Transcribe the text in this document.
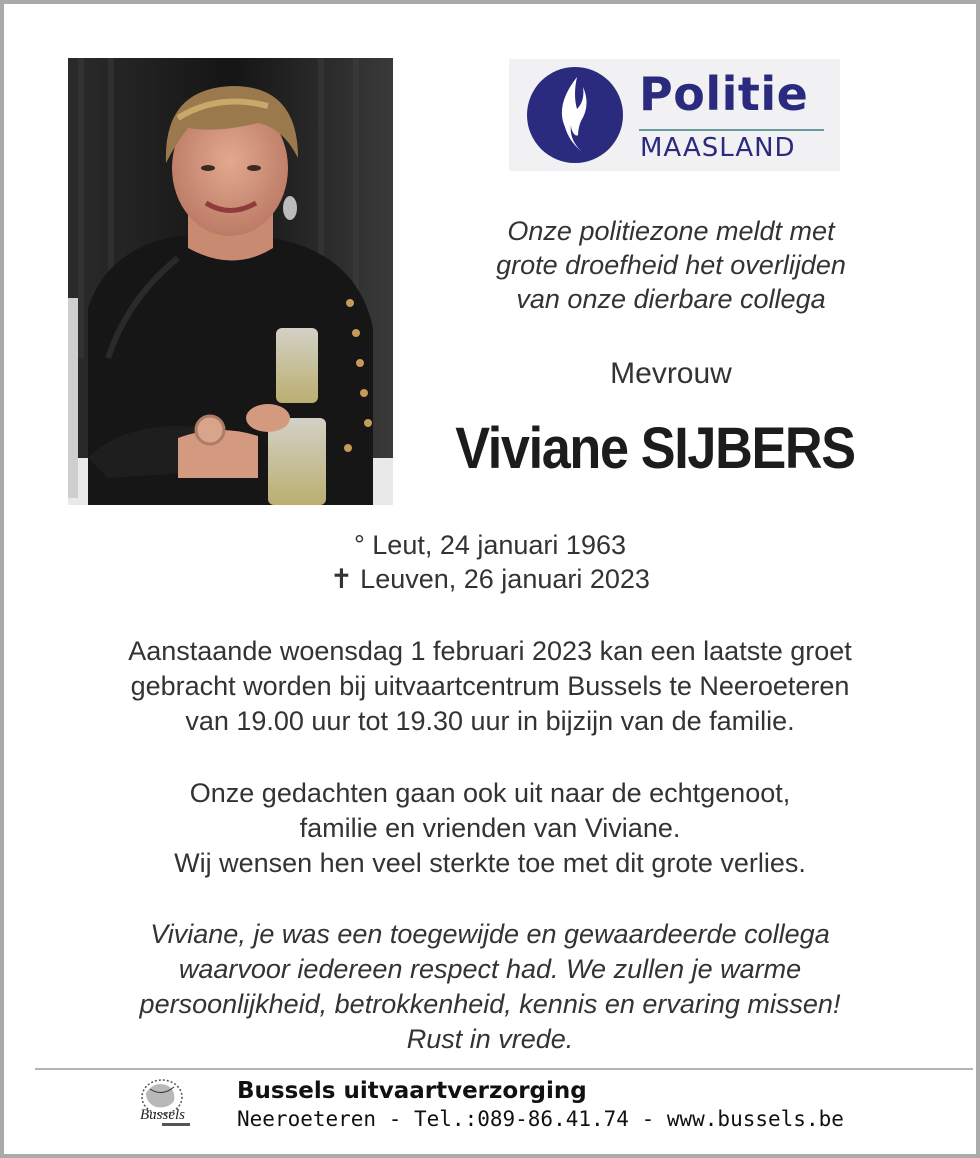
Politie
MAASLAND
Onze politiezone meldt met
grote droefheid het overlijden
van onze dierbare collega
Mevrouw
Viviane SIJBERS
° Leut, 24 januari 1963
✝ Leuven, 26 januari 2023
Aanstaande woensdag 1 februari 2023 kan een laatste groet
gebracht worden bij uitvaartcentrum Bussels te Neeroeteren
van 19.00 uur tot 19.30 uur in bijzijn van de familie.
Onze gedachten gaan ook uit naar de echtgenoot,
familie en vrienden van Viviane.
Wij wensen hen veel sterkte toe met dit grote verlies.
Viviane, je was een toegewijde en gewaardeerde collega
waarvoor iedereen respect had. We zullen je warme
persoonlijkheid, betrokkenheid, kennis en ervaring missen!
Rust in vrede.
Bussels
Bussels uitvaartverzorging
Neeroeteren - Tel.:089-86.41.74 - www.bussels.be
